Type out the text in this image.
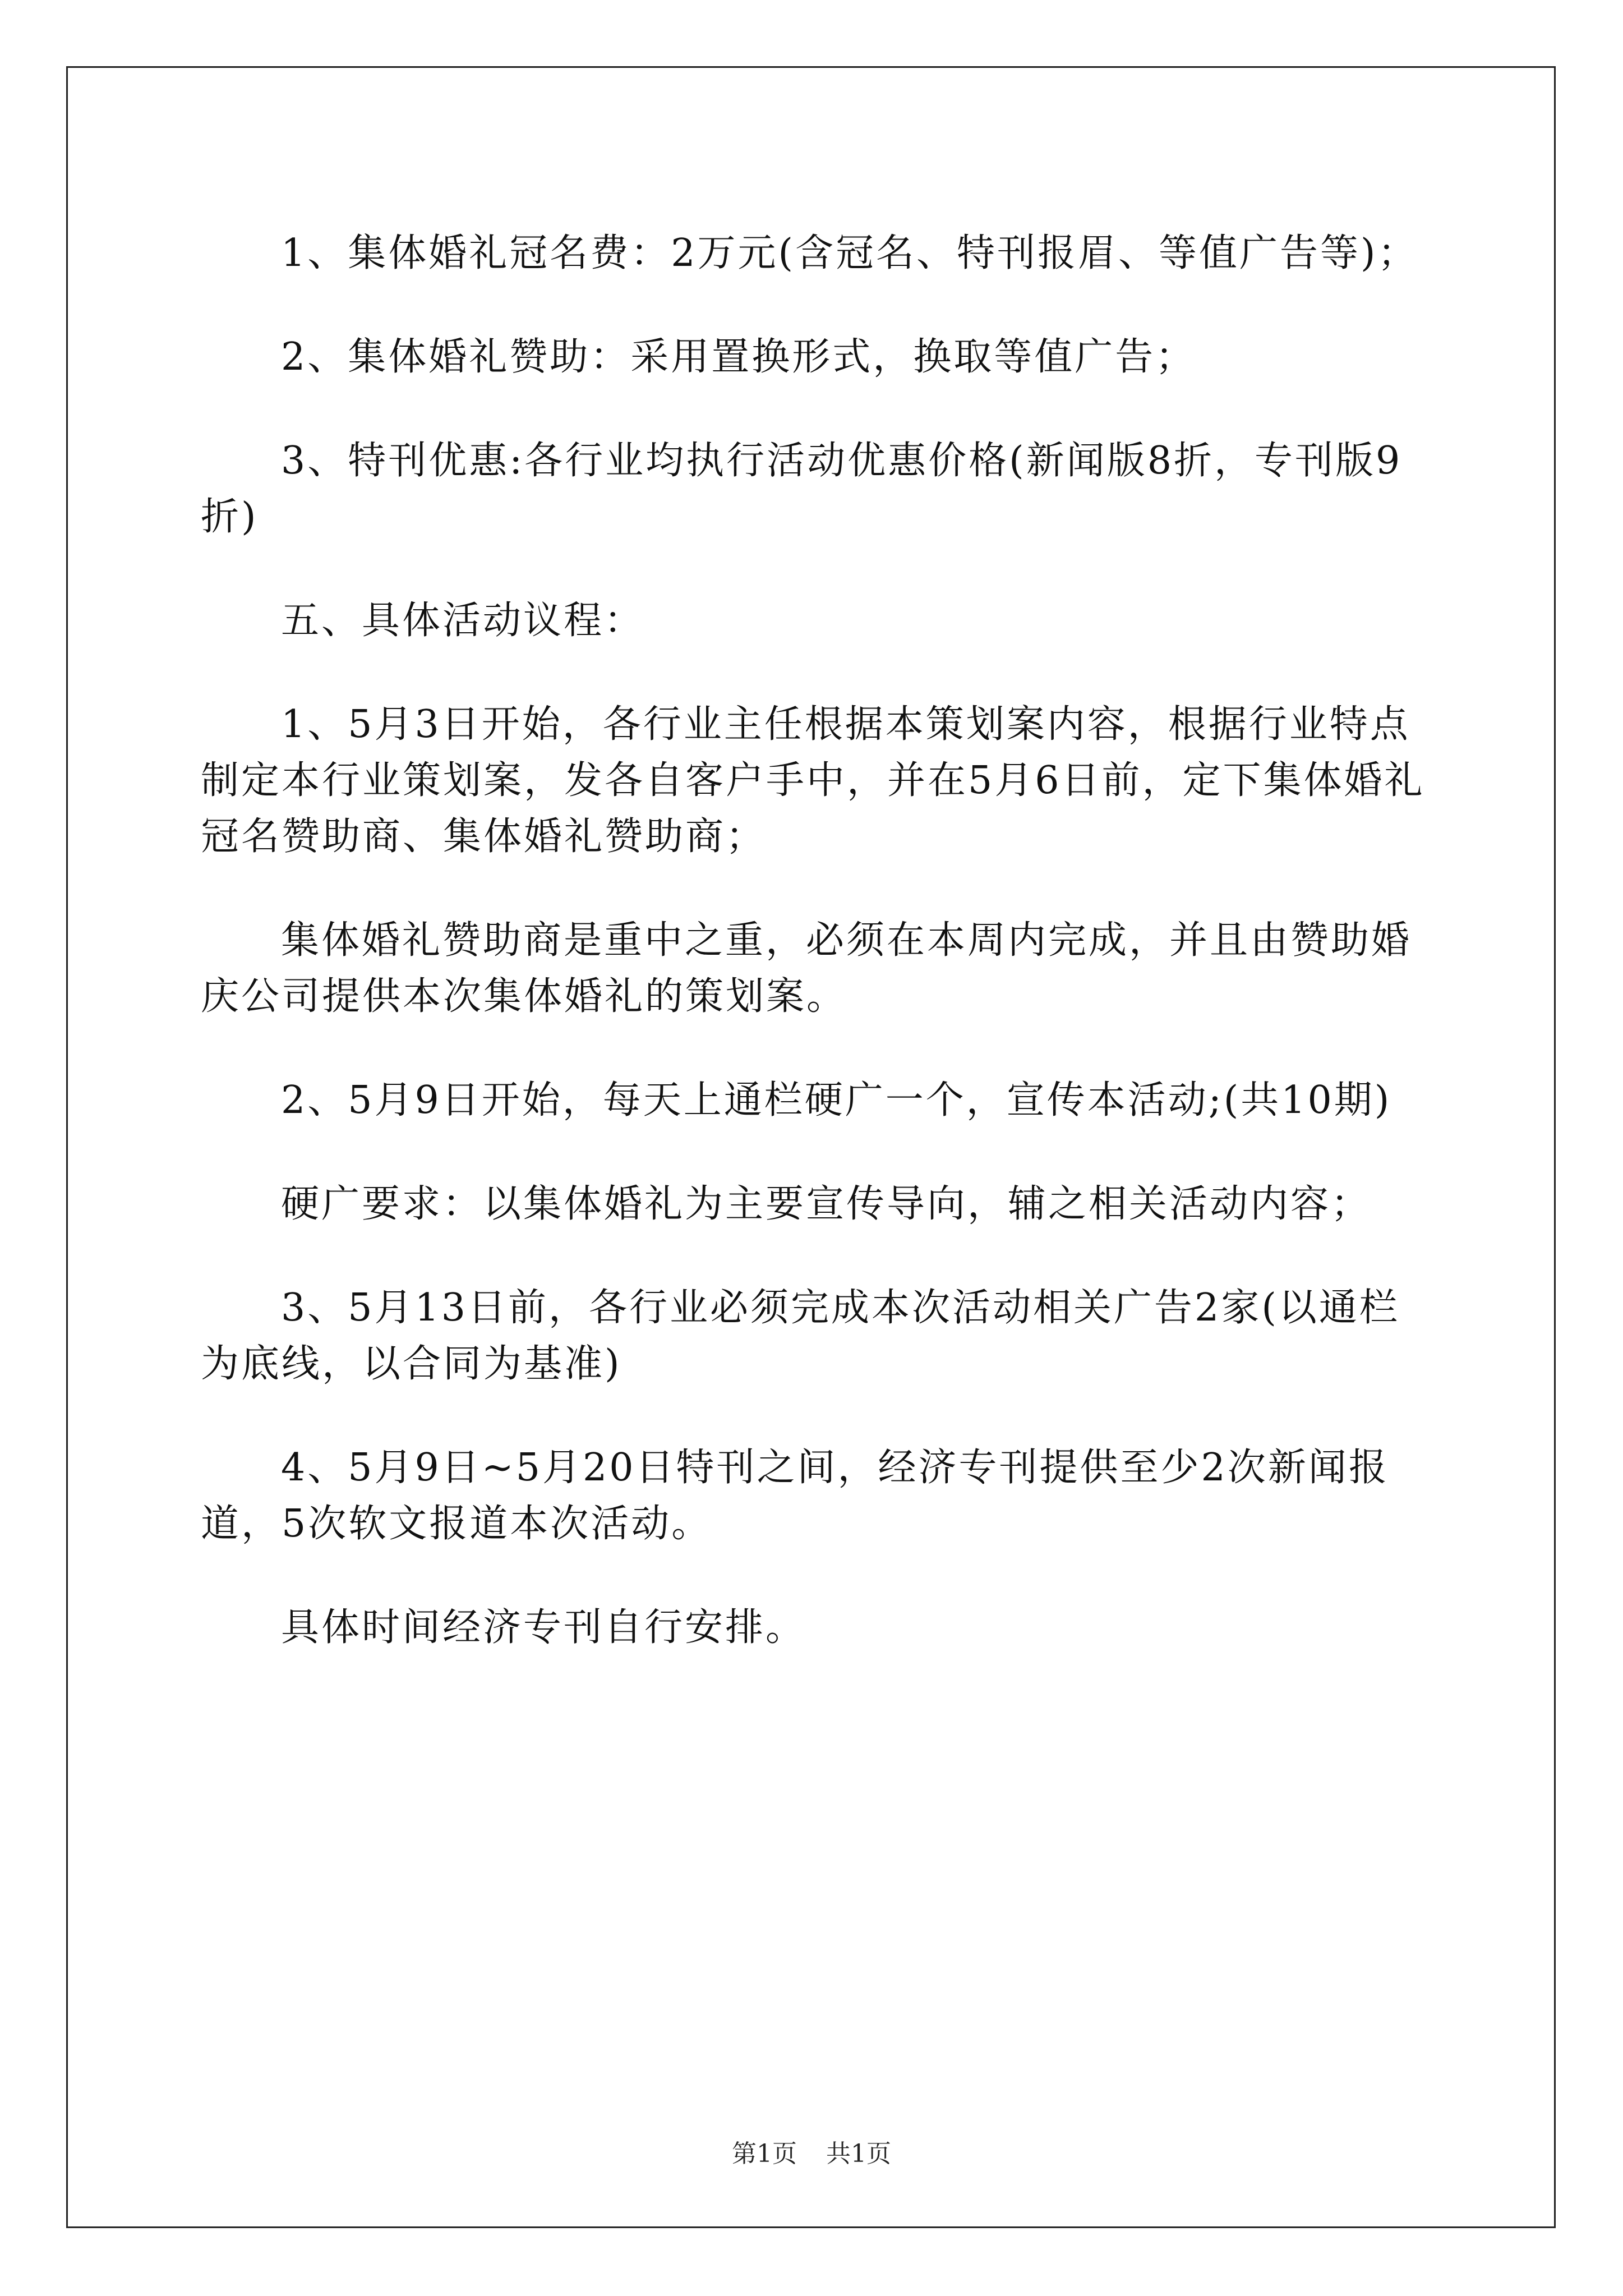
1、集体婚礼冠名费：2万元(含冠名、特刊报眉、等值广告等)；

2、集体婚礼赞助：采用置换形式，换取等值广告；

3、特刊优惠:各行业均执行活动优惠价格(新闻版8折，专刊版9折)

五、具体活动议程：

1、5月3日开始，各行业主任根据本策划案内容，根据行业特点制定本行业策划案，发各自客户手中，并在5月6日前，定下集体婚礼冠名赞助商、集体婚礼赞助商；

集体婚礼赞助商是重中之重，必须在本周内完成，并且由赞助婚庆公司提供本次集体婚礼的策划案。

2、5月9日开始，每天上通栏硬广一个，宣传本活动;(共10期)

硬广要求：以集体婚礼为主要宣传导向，辅之相关活动内容；

3、5月13日前，各行业必须完成本次活动相关广告2家(以通栏为底线，以合同为基准)

4、5月9日~5月20日特刊之间，经济专刊提供至少2次新闻报道，5次软文报道本次活动。

具体时间经济专刊自行安排。

第1页 共1页
